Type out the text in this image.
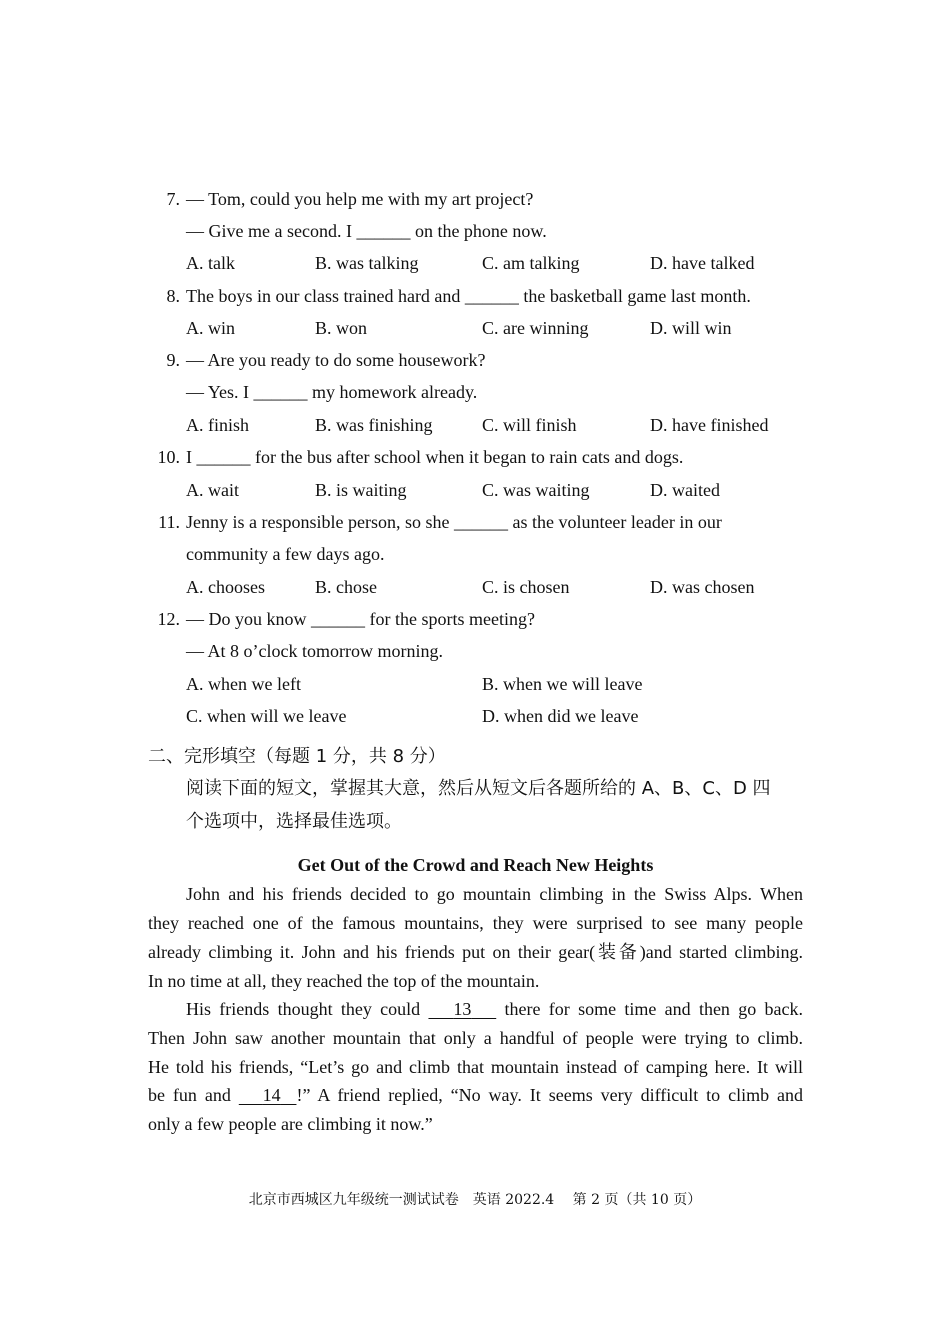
7. — Tom, could you help me with my art project?
— Give me a second. I ______ on the phone now.
A. talk	B. was talking	C. am talking	D. have talked
8. The boys in our class trained hard and ______ the basketball game last month.
A. win	B. won	C. are winning	D. will win
9. — Are you ready to do some housework?
— Yes. I ______ my homework already.
A. finish	B. was finishing	C. will finish	D. have finished
10. I ______ for the bus after school when it began to rain cats and dogs.
A. wait	B. is waiting	C. was waiting	D. waited
11. Jenny is a responsible person, so she ______ as the volunteer leader in our
community a few days ago.
A. chooses	B. chose	C. is chosen	D. was chosen
12. — Do you know ______ for the sports meeting?
— At 8 o’clock tomorrow morning.
A. when we left	B. when we will leave
C. when will we leave	D. when did we leave
二、完形填空（每题 1 分，共 8 分）
阅读下面的短文，掌握其大意，然后从短文后各题所给的 A、B、C、D 四
个选项中，选择最佳选项。
Get Out of the Crowd and Reach New Heights
John and his friends decided to go mountain climbing in the Swiss Alps. When
they reached one of the famous mountains, they were surprised to see many people
already climbing it. John and his friends put on their gear(装备)and started climbing.
In no time at all, they reached the top of the mountain.
His friends thought they could 13 there for some time and then go back.
Then John saw another mountain that only a handful of people were trying to climb.
He told his friends, “Let’s go and climb that mountain instead of camping here. It will
be fun and 14 !” A friend replied, “No way. It seems very difficult to climb and
only a few people are climbing it now.”
北京市西城区九年级统一测试试卷　英语 2022.4　 第 2 页（共 10 页）
